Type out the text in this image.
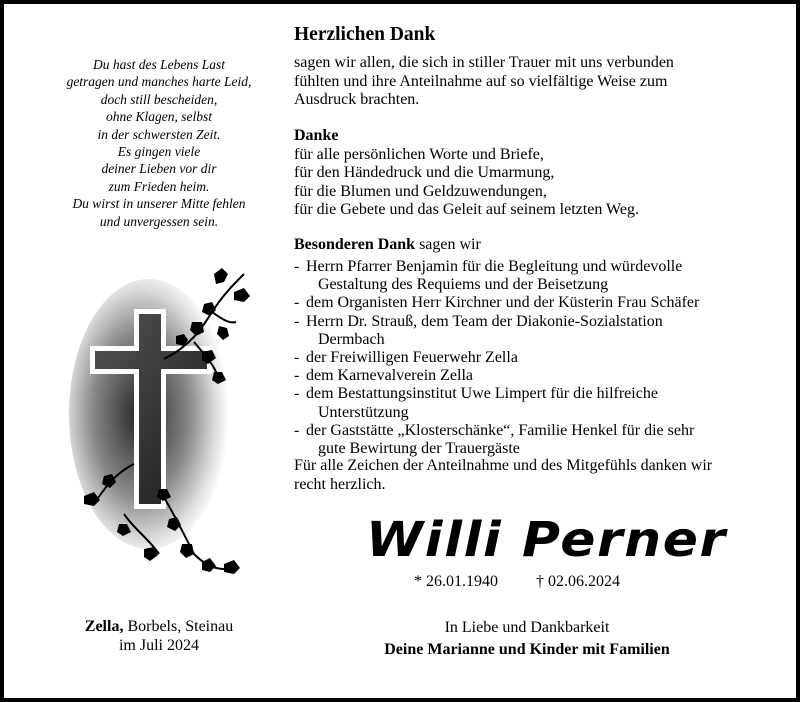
Du hast des Lebens Last
getragen und manches harte Leid,
doch still bescheiden,
ohne Klagen, selbst
in der schwersten Zeit.
Es gingen viele
deiner Lieben vor dir
zum Frieden heim.
Du wirst in unserer Mitte fehlen
und unvergessen sein.
Zella, Borbels, Steinau
im Juli 2024
Herzlichen Dank
sagen wir allen, die sich in stiller Trauer mit uns verbunden
fühlten und ihre Anteilnahme auf so vielfältige Weise zum
Ausdruck brachten.
Danke
für alle persönlichen Worte und Briefe,
für den Händedruck und die Umarmung,
für die Blumen und Geldzuwendungen,
für die Gebete und das Geleit auf seinem letzten Weg.
Besonderen Dank sagen wir
- Herrn Pfarrer Benjamin für die Begleitung und würdevolle
Gestaltung des Requiems und der Beisetzung
- dem Organisten Herr Kirchner und der Küsterin Frau Schäfer
- Herrn Dr. Strauß, dem Team der Diakonie-Sozialstation
Dermbach
- der Freiwilligen Feuerwehr Zella
- dem Karnevalverein Zella
- dem Bestattungsinstitut Uwe Limpert für die hilfreiche
Unterstützung
- der Gaststätte „Klosterschänke“, Familie Henkel für die sehr
gute Bewirtung der Trauergäste
Für alle Zeichen der Anteilnahme und des Mitgefühls danken wir
recht herzlich.
Willi Perner
* 26.01.1940 † 02.06.2024
In Liebe und Dankbarkeit
Deine Marianne und Kinder mit Familien
